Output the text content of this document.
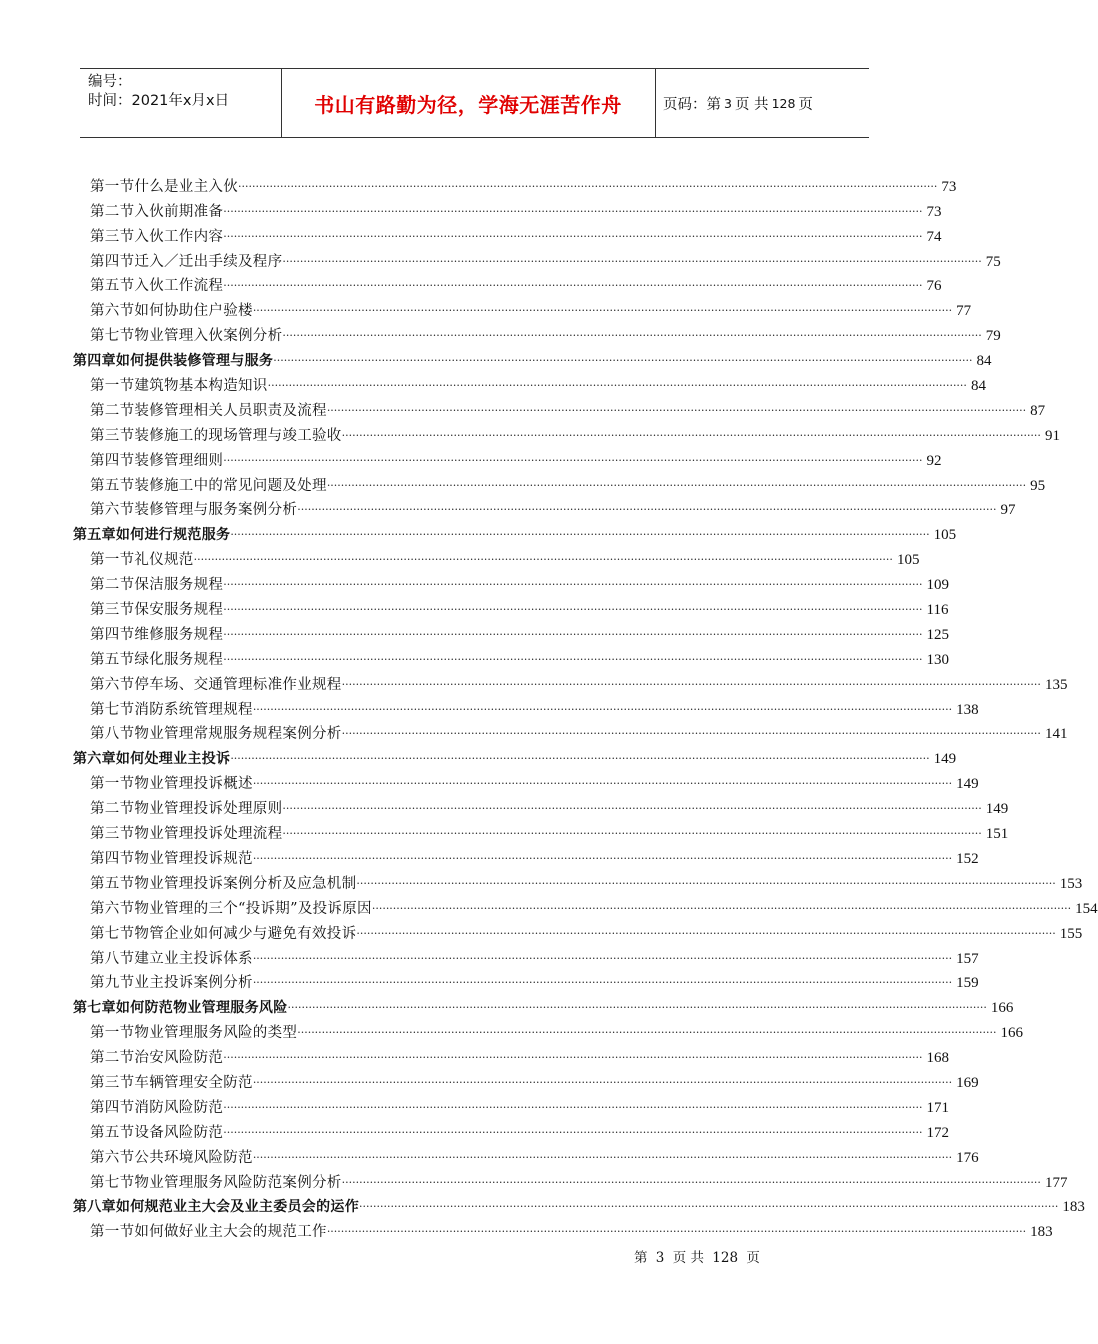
编号：
时间：2021年x月x日	书山有路勤为径，学海无涯苦作舟	页码：第 3 页 共 128 页
第一节什么是业主入伙 ········································································································································································································ 73
第二节入伙前期准备 ········································································································································································································ 73
第三节入伙工作内容 ········································································································································································································ 74
第四节迁入／迁出手续及程序 ········································································································································································································ 75
第五节入伙工作流程 ········································································································································································································ 76
第六节如何协助住户验楼 ········································································································································································································ 77
第七节物业管理入伙案例分析 ········································································································································································································ 79
第四章如何提供装修管理与服务 ········································································································································································································ 84
第一节建筑物基本构造知识 ········································································································································································································ 84
第二节装修管理相关人员职责及流程 ········································································································································································································ 87
第三节装修施工的现场管理与竣工验收 ········································································································································································································ 91
第四节装修管理细则 ········································································································································································································ 92
第五节装修施工中的常见问题及处理 ········································································································································································································ 95
第六节装修管理与服务案例分析 ········································································································································································································ 97
第五章如何进行规范服务 ········································································································································································································ 105
第一节礼仪规范 ········································································································································································································ 105
第二节保洁服务规程 ········································································································································································································ 109
第三节保安服务规程 ········································································································································································································ 116
第四节维修服务规程 ········································································································································································································ 125
第五节绿化服务规程 ········································································································································································································ 130
第六节停车场、交通管理标准作业规程 ········································································································································································································ 135
第七节消防系统管理规程 ········································································································································································································ 138
第八节物业管理常规服务规程案例分析 ········································································································································································································ 141
第六章如何处理业主投诉 ········································································································································································································ 149
第一节物业管理投诉概述 ········································································································································································································ 149
第二节物业管理投诉处理原则 ········································································································································································································ 149
第三节物业管理投诉处理流程 ········································································································································································································ 151
第四节物业管理投诉规范 ········································································································································································································ 152
第五节物业管理投诉案例分析及应急机制 ········································································································································································································ 153
第六节物业管理的三个“投诉期”及投诉原因 ········································································································································································································ 154
第七节物管企业如何减少与避免有效投诉 ········································································································································································································ 155
第八节建立业主投诉体系 ········································································································································································································ 157
第九节业主投诉案例分析 ········································································································································································································ 159
第七章如何防范物业管理服务风险 ········································································································································································································ 166
第一节物业管理服务风险的类型 ········································································································································································································ 166
第二节治安风险防范 ········································································································································································································ 168
第三节车辆管理安全防范 ········································································································································································································ 169
第四节消防风险防范 ········································································································································································································ 171
第五节设备风险防范 ········································································································································································································ 172
第六节公共环境风险防范 ········································································································································································································ 176
第七节物业管理服务风险防范案例分析 ········································································································································································································ 177
第八章如何规范业主大会及业主委员会的运作 ········································································································································································································ 183
第一节如何做好业主大会的规范工作 ········································································································································································································ 183
第 3 页 共 128 页
